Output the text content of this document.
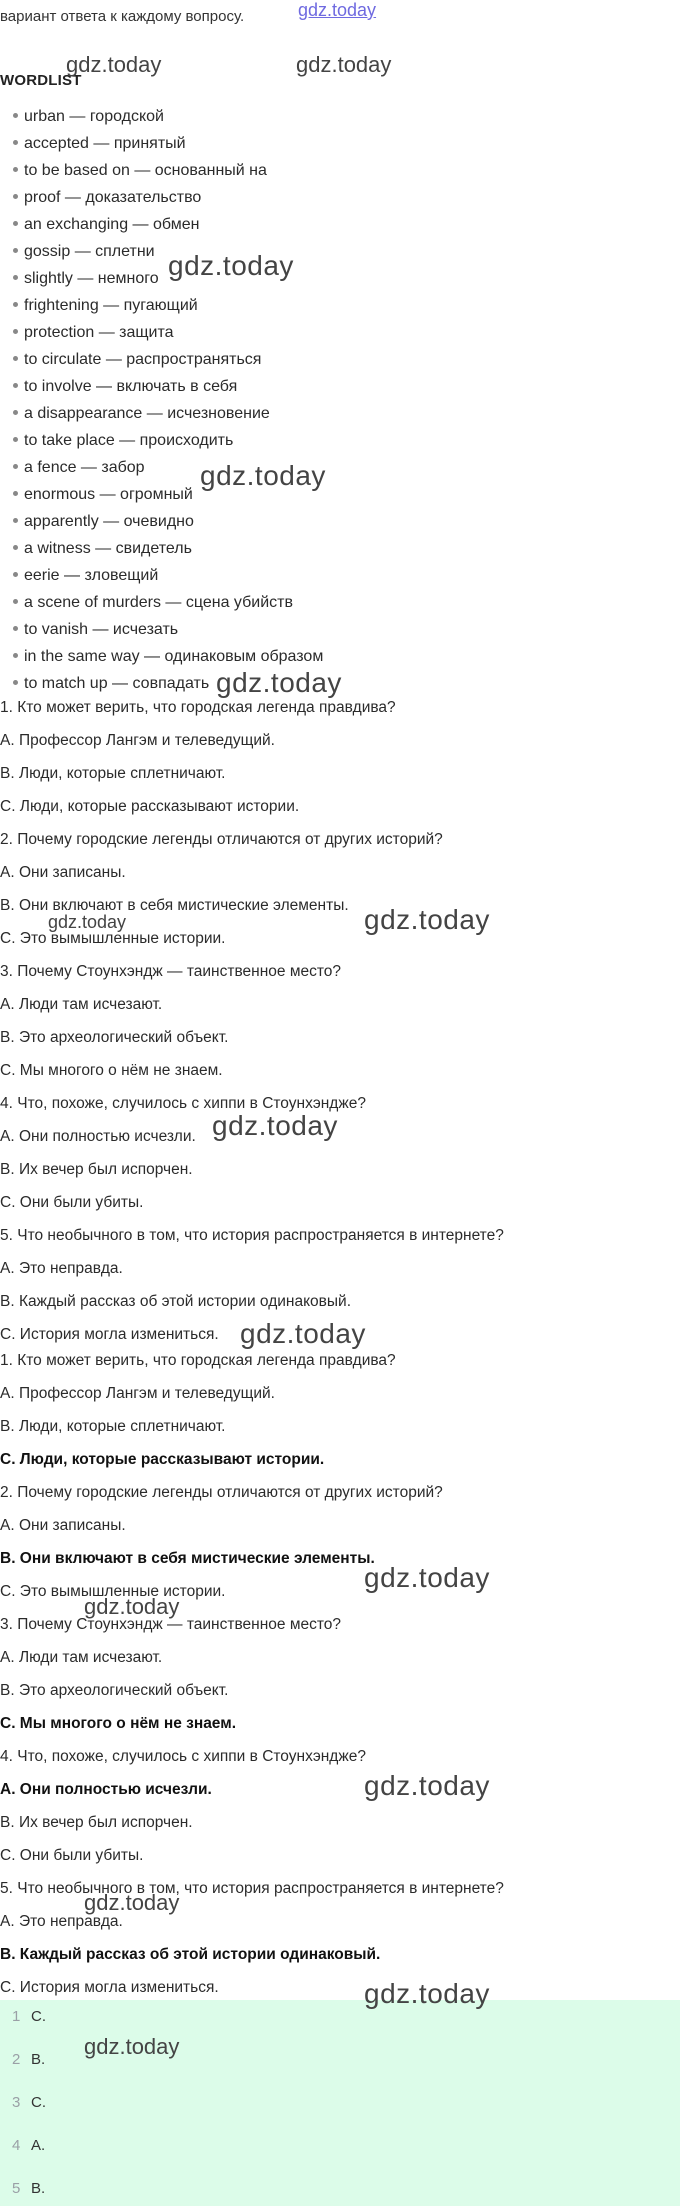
вариант ответа к каждому вопросу.	gdz.today
WORDLIST
urban — городской
accepted — принятый
to be based on — основанный на
proof — доказательство
an exchanging — обмен
gossip — сплетни
slightly — немного
frightening — пугающий
protection — защита
to circulate — распространяться
to involve — включать в себя
a disappearance — исчезновение
to take place — происходить
a fence — забор
enormous — огромный
apparently — очевидно
a witness — свидетель
eerie — зловещий
a scene of murders — сцена убийств
to vanish — исчезать
in the same way — одинаковым образом
to match up — совпадать
1. Кто может верить, что городская легенда правдива?
A. Профессор Лангэм и телеведущий.
B. Люди, которые сплетничают.
C. Люди, которые рассказывают истории.
2. Почему городские легенды отличаются от других историй?
A. Они записаны.
B. Они включают в себя мистические элементы.
C. Это вымышленные истории.
3. Почему Стоунхэндж — таинственное место?
A. Люди там исчезают.
B. Это археологический объект.
C. Мы многого о нём не знаем.
4. Что, похоже, случилось с хиппи в Стоунхэндже?
A. Они полностью исчезли.
B. Их вечер был испорчен.
C. Они были убиты.
5. Что необычного в том, что история распространяется в интернете?
A. Это неправда.
B. Каждый рассказ об этой истории одинаковый.
C. История могла измениться.
1. Кто может верить, что городская легенда правдива?
A. Профессор Лангэм и телеведущий.
B. Люди, которые сплетничают.
C. Люди, которые рассказывают истории.
2. Почему городские легенды отличаются от других историй?
A. Они записаны.
B. Они включают в себя мистические элементы.
C. Это вымышленные истории.
3. Почему Стоунхэндж — таинственное место?
A. Люди там исчезают.
B. Это археологический объект.
C. Мы многого о нём не знаем.
4. Что, похоже, случилось с хиппи в Стоунхэндже?
A. Они полностью исчезли.
B. Их вечер был испорчен.
C. Они были убиты.
5. Что необычного в том, что история распространяется в интернете?
A. Это неправда.
B. Каждый рассказ об этой истории одинаковый.
C. История могла измениться.
1 C.
2 B.
3 C.
4 A.
5 B.
gdz.today	gdz.today
gdz.today
gdz.today
gdz.today
gdz.today	gdz.today
gdz.today
gdz.today
gdz.today
gdz.today
gdz.today
gdz.today
gdz.today
gdz.today
